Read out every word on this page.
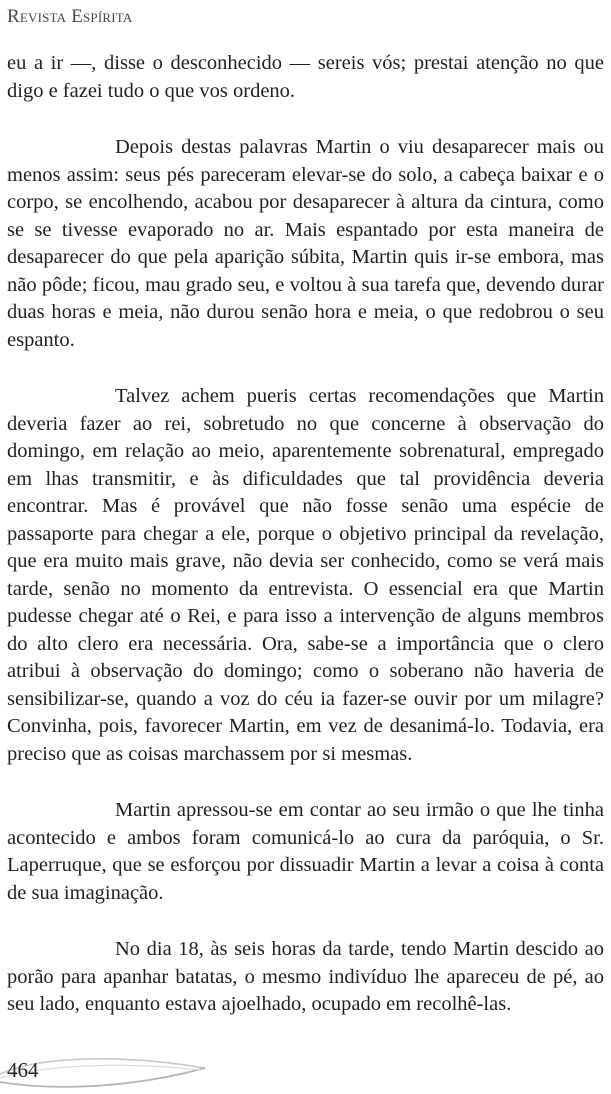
Revista Espírita

eu a ir —, disse o desconhecido — sereis vós; prestai atenção no que digo e fazei tudo o que vos ordeno.

Depois destas palavras Martin o viu desaparecer mais ou menos assim: seus pés pareceram elevar-se do solo, a cabeça baixar e o corpo, se encolhendo, acabou por desaparecer à altura da cintura, como se se tivesse evaporado no ar. Mais espantado por esta maneira de desaparecer do que pela aparição súbita, Martin quis ir-se embora, mas não pôde; ficou, mau grado seu, e voltou à sua tarefa que, devendo durar duas horas e meia, não durou senão hora e meia, o que redobrou o seu espanto.

Talvez achem pueris certas recomendações que Martin deveria fazer ao rei, sobretudo no que concerne à observação do domingo, em relação ao meio, aparentemente sobrenatural, empregado em lhas transmitir, e às dificuldades que tal providência deveria encontrar. Mas é provável que não fosse senão uma espécie de passaporte para chegar a ele, porque o objetivo principal da revelação, que era muito mais grave, não devia ser conhecido, como se verá mais tarde, senão no momento da entrevista. O essencial era que Martin pudesse chegar até o Rei, e para isso a intervenção de alguns membros do alto clero era necessária. Ora, sabe-se a importância que o clero atribui à observação do domingo; como o soberano não haveria de sensibilizar-se, quando a voz do céu ia fazer-se ouvir por um milagre? Convinha, pois, favorecer Martin, em vez de desanimá-lo. Todavia, era preciso que as coisas marchassem por si mesmas.

Martin apressou-se em contar ao seu irmão o que lhe tinha acontecido e ambos foram comunicá-lo ao cura da paróquia, o Sr. Laperruque, que se esforçou por dissuadir Martin a levar a coisa à conta de sua imaginação.

No dia 18, às seis horas da tarde, tendo Martin descido ao porão para apanhar batatas, o mesmo indivíduo lhe apareceu de pé, ao seu lado, enquanto estava ajoelhado, ocupado em recolhê-las.

464
